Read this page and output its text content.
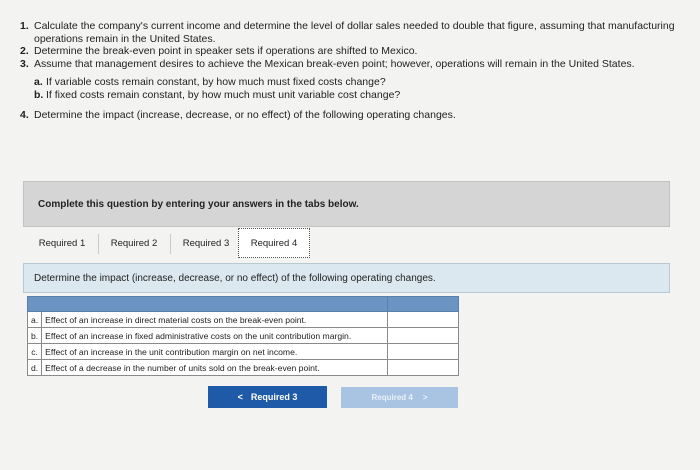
1. Calculate the company's current income and determine the level of dollar sales needed to double that figure, assuming that manufacturing operations remain in the United States.
2. Determine the break-even point in speaker sets if operations are shifted to Mexico.
3. Assume that management desires to achieve the Mexican break-even point; however, operations will remain in the United States.
a. If variable costs remain constant, by how much must fixed costs change?
b. If fixed costs remain constant, by how much must unit variable cost change?
4. Determine the impact (increase, decrease, or no effect) of the following operating changes.
Complete this question by entering your answers in the tabs below.
Required 1	Required 2	Required 3	Required 4
Determine the impact (increase, decrease, or no effect) of the following operating changes.

a.	Effect of an increase in direct material costs on the break-even point.	
b.	Effect of an increase in fixed administrative costs on the unit contribution margin.	
c.	Effect of an increase in the unit contribution margin on net income.	
d.	Effect of a decrease in the number of units sold on the break-even point.	
< Required 3	Required 4 >
